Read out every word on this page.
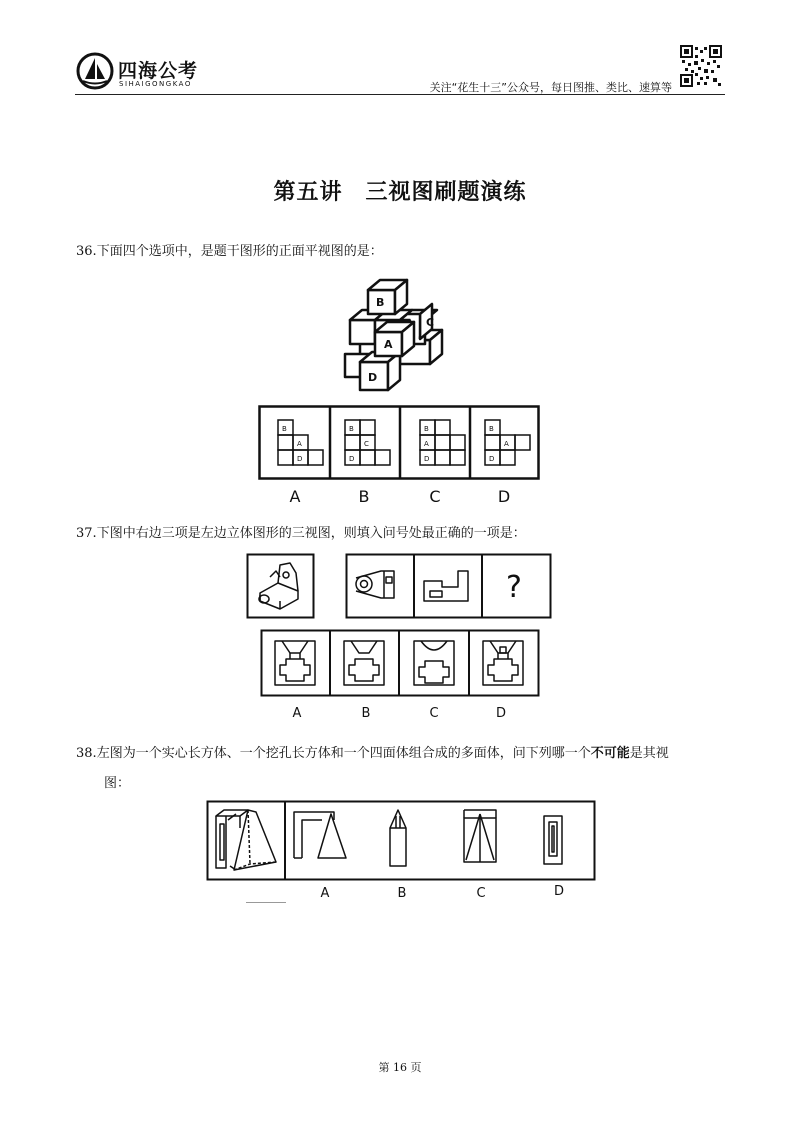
四海公考
SIHAIGONGKAO	关注“花生十三”公众号，每日图推、类比、速算等
第五讲　三视图刷题演练
36.下面四个选项中，是题干图形的正面平视图的是：
B
C
A
D
B
A
D
B
C
D
B
A
D
B
A
D
A	B	C	D
37.下图中右边三项是左边立体图形的三视图，则填入问号处最正确的一项是：
?
A	B	C	D
38.左图为一个实心长方体、一个挖孔长方体和一个四面体组合成的多面体，问下列哪一个不可能是其视
图：
A	B	C	D
第 16 页
